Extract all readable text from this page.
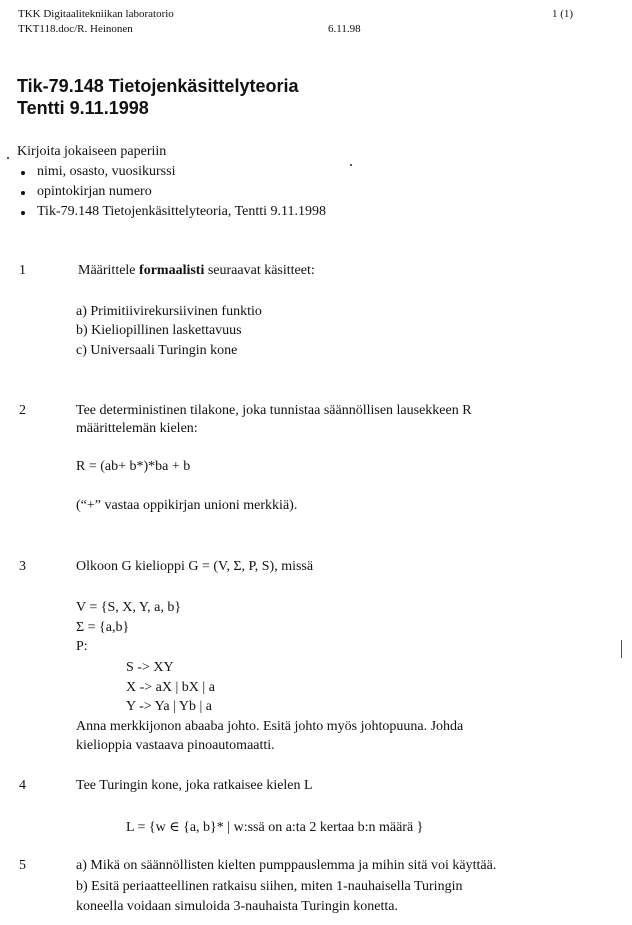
TKK Digitaalitekniikan laboratorio
TKT118.doc/R. Heinonen	6.11.98
1 (1)
Tik-79.148 Tietojenkäsittelyteoria
Tentti 9.11.1998
Kirjoita jokaiseen paperiin
nimi, osasto, vuosikurssi
opintokirjan numero
Tik-79.148 Tietojenkäsittelyteoria, Tentti 9.11.1998
1	Määrittele formaalisti seuraavat käsitteet:
a) Primitiivirekursiivinen funktio
b) Kieliopillinen laskettavuus
c) Universaali Turingin kone
2	Tee deterministinen tilakone, joka tunnistaa säännöllisen lausekkeen R
määrittelemän kielen:
R = (ab+ b*)*ba + b
(“+” vastaa oppikirjan unioni merkkiä).
3	Olkoon G kielioppi G = (V, Σ, P, S), missä
V = {S, X, Y, a, b}
Σ = {a,b}
P:
S -> XY
X -> aX | bX | a
Y -> Ya | Yb | a
Anna merkkijonon abaaba johto. Esitä johto myös johtopuuna. Johda
kielioppia vastaava pinoautomaatti.
4	Tee Turingin kone, joka ratkaisee kielen L
L = {w ∈ {a, b}* | w:ssä on a:ta 2 kertaa b:n määrä }
5	a) Mikä on säännöllisten kielten pumppauslemma ja mihin sitä voi käyttää.
b) Esitä periaatteellinen ratkaisu siihen, miten 1-nauhaisella Turingin
koneella voidaan simuloida 3-nauhaista Turingin konetta.
